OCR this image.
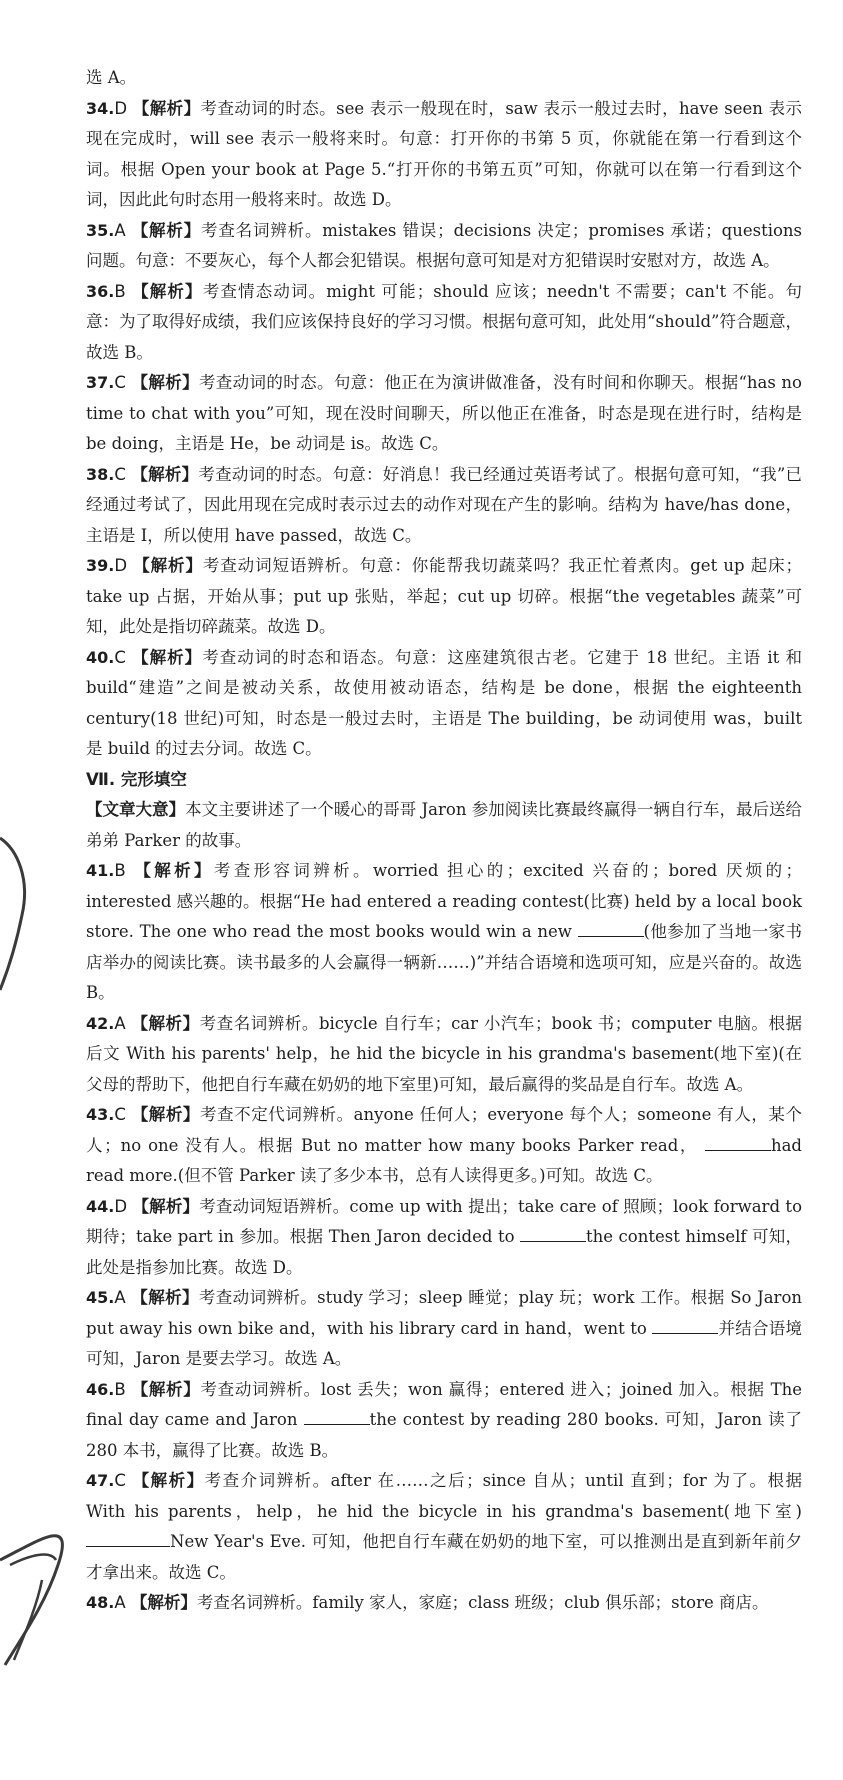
选 A。

34.D 【解析】考查动词的时态。see 表示一般现在时，saw 表示一般过去时，have seen 表示现在完成时，will see 表示一般将来时。句意：打开你的书第 5 页，你就能在第一行看到这个词。根据 Open your book at Page 5.“打开你的书第五页”可知，你就可以在第一行看到这个词，因此此句时态用一般将来时。故选 D。

35.A 【解析】考查名词辨析。mistakes 错误；decisions 决定；promises 承诺；questions 问题。句意：不要灰心，每个人都会犯错误。根据句意可知是对方犯错误时安慰对方，故选 A。

36.B 【解析】考查情态动词。might 可能；should 应该；needn't 不需要；can't 不能。句意：为了取得好成绩，我们应该保持良好的学习习惯。根据句意可知，此处用“should”符合题意，故选 B。

37.C 【解析】考查动词的时态。句意：他正在为演讲做准备，没有时间和你聊天。根据“has no time to chat with you”可知，现在没时间聊天，所以他正在准备，时态是现在进行时，结构是 be doing，主语是 He，be 动词是 is。故选 C。

38.C 【解析】考查动词的时态。句意：好消息！我已经通过英语考试了。根据句意可知，“我”已经通过考试了，因此用现在完成时表示过去的动作对现在产生的影响。结构为 have/has done，主语是 I，所以使用 have passed，故选 C。

39.D 【解析】考查动词短语辨析。句意：你能帮我切蔬菜吗？我正忙着煮肉。get up 起床；take up 占据，开始从事；put up 张贴，举起；cut up 切碎。根据“the vegetables 蔬菜”可知，此处是指切碎蔬菜。故选 D。

40.C 【解析】考查动词的时态和语态。句意：这座建筑很古老。它建于 18 世纪。主语 it 和 build“建造”之间是被动关系，故使用被动语态，结构是 be done，根据 the eighteenth century(18 世纪)可知，时态是一般过去时，主语是 The building，be 动词使用 was，built 是 build 的过去分词。故选 C。

Ⅶ. 完形填空

【文章大意】本文主要讲述了一个暖心的哥哥 Jaron 参加阅读比赛最终赢得一辆自行车，最后送给弟弟 Parker 的故事。

41.B 【解析】考查形容词辨析。worried 担心的；excited 兴奋的；bored 厌烦的；interested 感兴趣的。根据“He had entered a reading contest(比赛) held by a local book store. The one who read the most books would win a new	(他参加了当地一家书店举办的阅读比赛。读书最多的人会赢得一辆新……)”并结合语境和选项可知，应是兴奋的。故选 B。

42.A 【解析】考查名词辨析。bicycle 自行车；car 小汽车；book 书；computer 电脑。根据后文 With his parents' help，he hid the bicycle in his grandma's basement(地下室)(在父母的帮助下，他把自行车藏在奶奶的地下室里)可知，最后赢得的奖品是自行车。故选 A。

43.C 【解析】考查不定代词辨析。anyone 任何人；everyone 每个人；someone 有人，某个人；no one 没有人。根据 But no matter how many books Parker read，	had read more.(但不管 Parker 读了多少本书，总有人读得更多。)可知。故选 C。

44.D 【解析】考查动词短语辨析。come up with 提出；take care of 照顾；look forward to 期待；take part in 参加。根据 Then Jaron decided to	the contest himself 可知，此处是指参加比赛。故选 D。

45.A 【解析】考查动词辨析。study 学习；sleep 睡觉；play 玩；work 工作。根据 So Jaron put away his own bike and，with his library card in hand，went to	并结合语境可知，Jaron 是要去学习。故选 A。

46.B 【解析】考查动词辨析。lost 丢失；won 赢得；entered 进入；joined 加入。根据 The final day came and Jaron	the contest by reading 280 books. 可知，Jaron 读了 280 本书，赢得了比赛。故选 B。

47.C 【解析】考查介词辨析。after 在……之后；since 自从；until 直到；for 为了。根据 With his parents，help，he hid the bicycle in his grandma's basement(地下室) New Year's Eve. 可知，他把自行车藏在奶奶的地下室，可以推测出是直到新年前夕才拿出来。故选 C。

48.A 【解析】考查名词辨析。family 家人，家庭；class 班级；club 俱乐部；store 商店。
